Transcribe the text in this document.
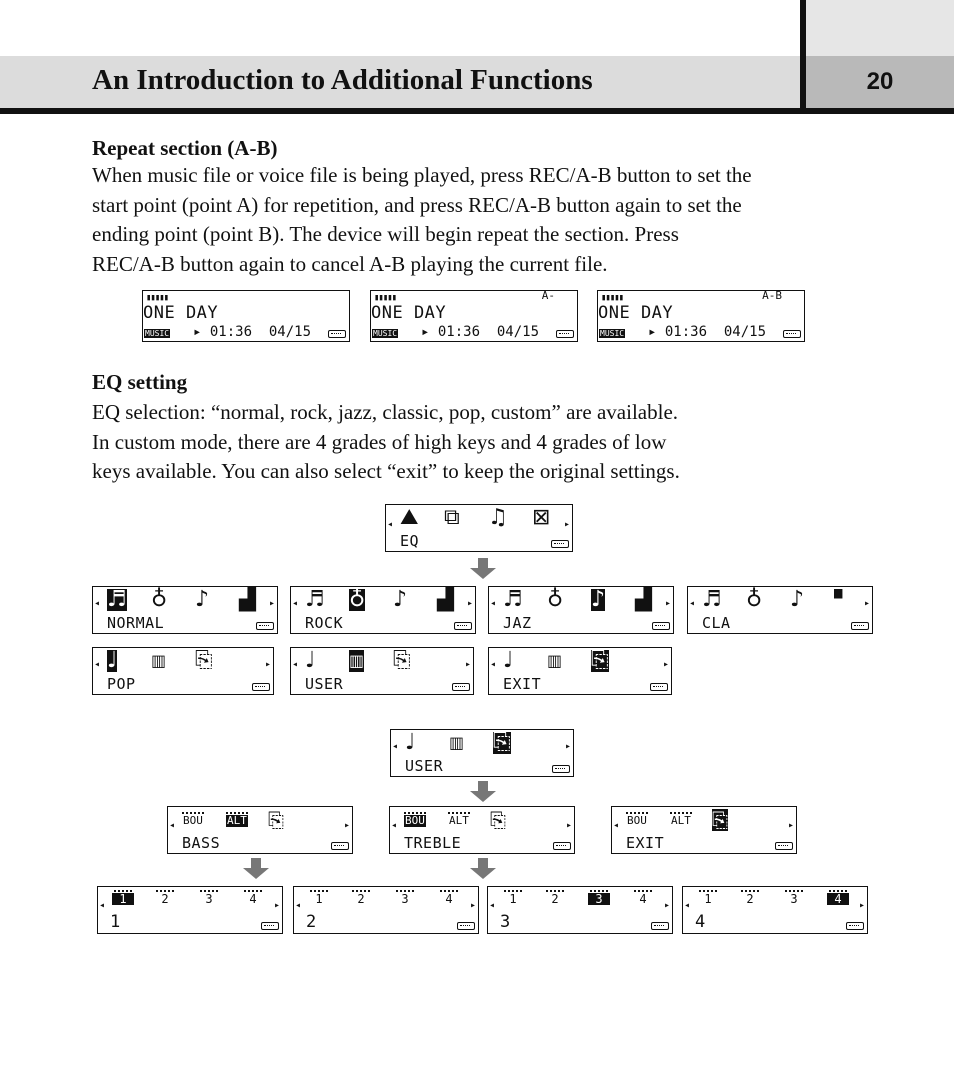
An Introduction to Additional Functions	20
Repeat section (A-B)
When music file or voice file is being played, press REC/A-B button to set the
start point (point A) for repetition, and press REC/A-B button again to set the
ending point (point B). The device will begin repeat the section. Press
REC/A-B button again to cancel A-B playing the current file.
▮▮▮▮▮
ONE DAY
MUSIC ▸ 01:36 04/15
▮▮▮▮▮	A-
ONE DAY
MUSIC ▸ 01:36 04/15
▮▮▮▮▮	A-B
ONE DAY
MUSIC ▸ 01:36 04/15
EQ setting
EQ selection: “normal, rock, jazz, classic, pop, custom” are available.
In custom mode, there are 4 grades of high keys and 4 grades of low
keys available. You can also select “exit” to keep the original settings.
◂ ⛰ ⧉ ♫ ⊠ ▸
EQ
◂ ♬ ♁ ♪ ▟ ▸
NORMAL
◂ ♬ ♁ ♪ ▟ ▸
ROCK
◂ ♬ ♁ ♪ ▟ ▸
JAZ
◂ ♬ ♁ ♪ ▟ ▸
CLA
◂ ♩ ▥ ⎘	▸
POP
◂ ♩ ▥ ⎘	▸
USER
◂ ♩ ▥ ⎘	▸
EXIT
◂ ♩ ▥ ⎘	▸
USER
◂ BOU ALT ⎘	▸
BASS
◂ BOU ALT ⎘	▸
TREBLE
◂ BOU ALT ⎘	▸
EXIT
◂	1	2	3	4	▸
1
◂	1	2	3	4	▸
2
◂	1	2	3	4	▸
3
◂	1	2	3	4	▸
4
